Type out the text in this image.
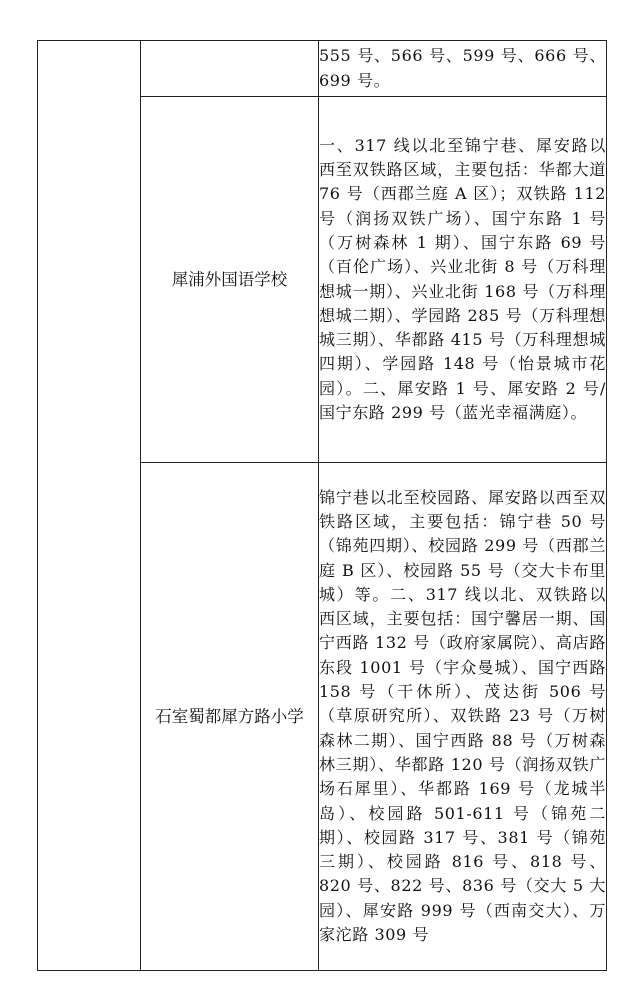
		555 号、566 号、599 号、666 号、699 号。
	犀浦外国语学校	一、317 线以北至锦宁巷、犀安路以西至双铁路区域，主要包括：华都大道 76 号（西郡兰庭 A 区）；双铁路 112 号（润扬双铁广场）、国宁东路 1 号（万树森林 1 期）、国宁东路 69 号（百伦广场）、兴业北街 8 号（万科理想城一期）、兴业北街 168 号（万科理想城二期）、学园路 285 号（万科理想城三期）、华都路 415 号（万科理想城四期）、学园路 148 号（怡景城市花园）。二、犀安路 1 号、犀安路 2 号/国宁东路 299 号（蓝光幸福满庭）。
	石室蜀都犀方路小学	锦宁巷以北至校园路、犀安路以西至双铁路区域，主要包括：锦宁巷 50 号（锦苑四期）、校园路 299 号（西郡兰庭 B 区）、校园路 55 号（交大卡布里城）等。二、317 线以北、双铁路以西区域，主要包括：国宁馨居一期、国宁西路 132 号（政府家属院）、高店路东段 1001 号（宇众曼城）、国宁西路 158 号（干休所）、茂达街 506 号（草原研究所）、双铁路 23 号（万树森林二期）、国宁西路 88 号（万树森林三期）、华都路 120 号（润扬双铁广场石犀里）、华都路 169 号（龙城半岛）、校园路 501-611 号（锦苑二期）、校园路 317 号、381 号（锦苑三期）、校园路 816 号、818 号、820 号、822 号、836 号（交大 5 大园）、犀安路 999 号（西南交大）、万家沱路 309 号
